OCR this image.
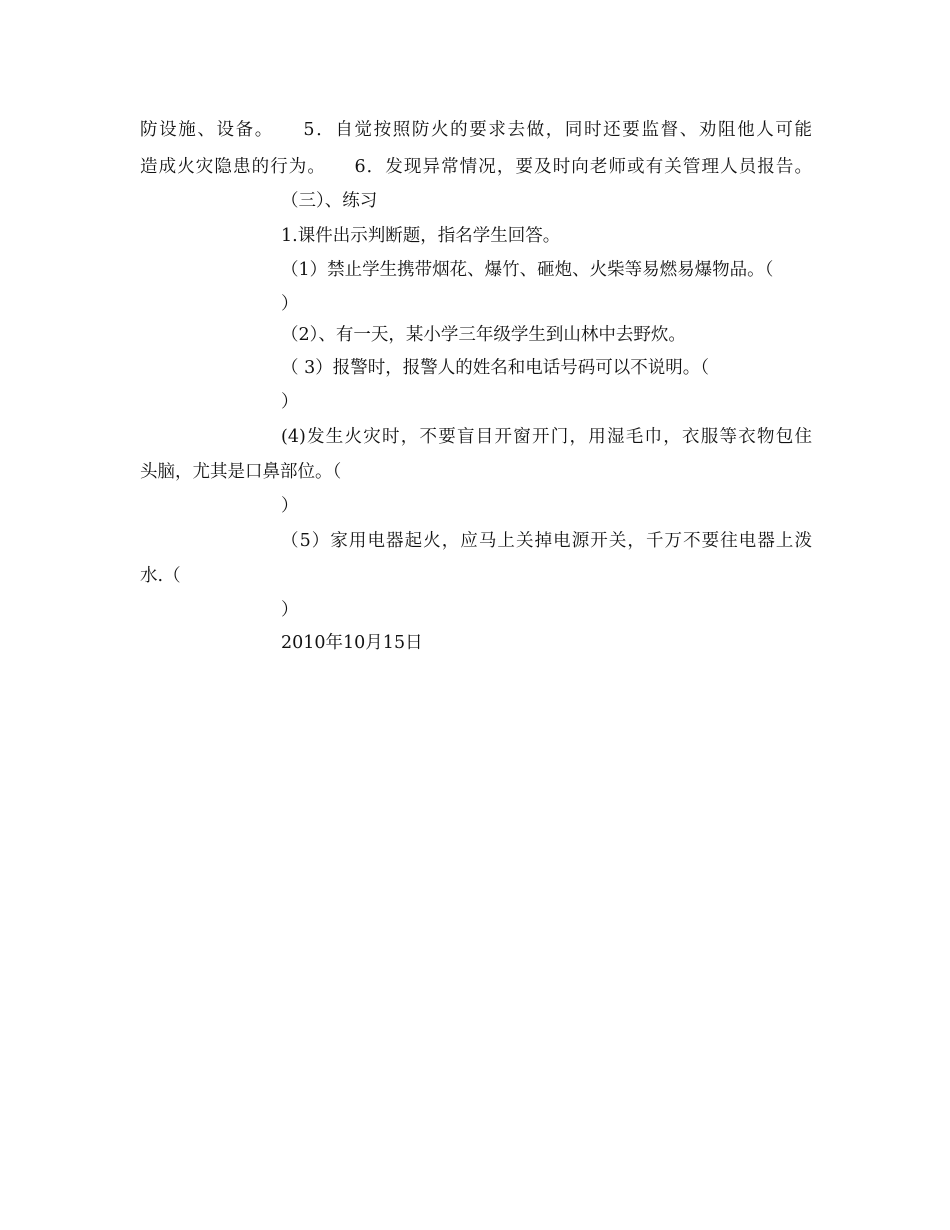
防设施、设备。　　5．自觉按照防火的要求去做，同时还要监督、劝阻他人可能
造成火灾隐患的行为。　　6．发现异常情况，要及时向老师或有关管理人员报告。
（三）、练习
1.课件出示判断题，指名学生回答。
（1）禁止学生携带烟花、爆竹、砸炮、火柴等易燃易爆物品。（
）
（2）、有一天，某小学三年级学生到山林中去野炊。
（ 3）报警时，报警人的姓名和电话号码可以不说明。（
）
(4)发生火灾时，不要盲目开窗开门，用湿毛巾，衣服等衣物包住
头脑，尤其是口鼻部位。（
）
（5）家用电器起火，应马上关掉电源开关，千万不要往电器上泼
水.（
）
2010年10月15日
